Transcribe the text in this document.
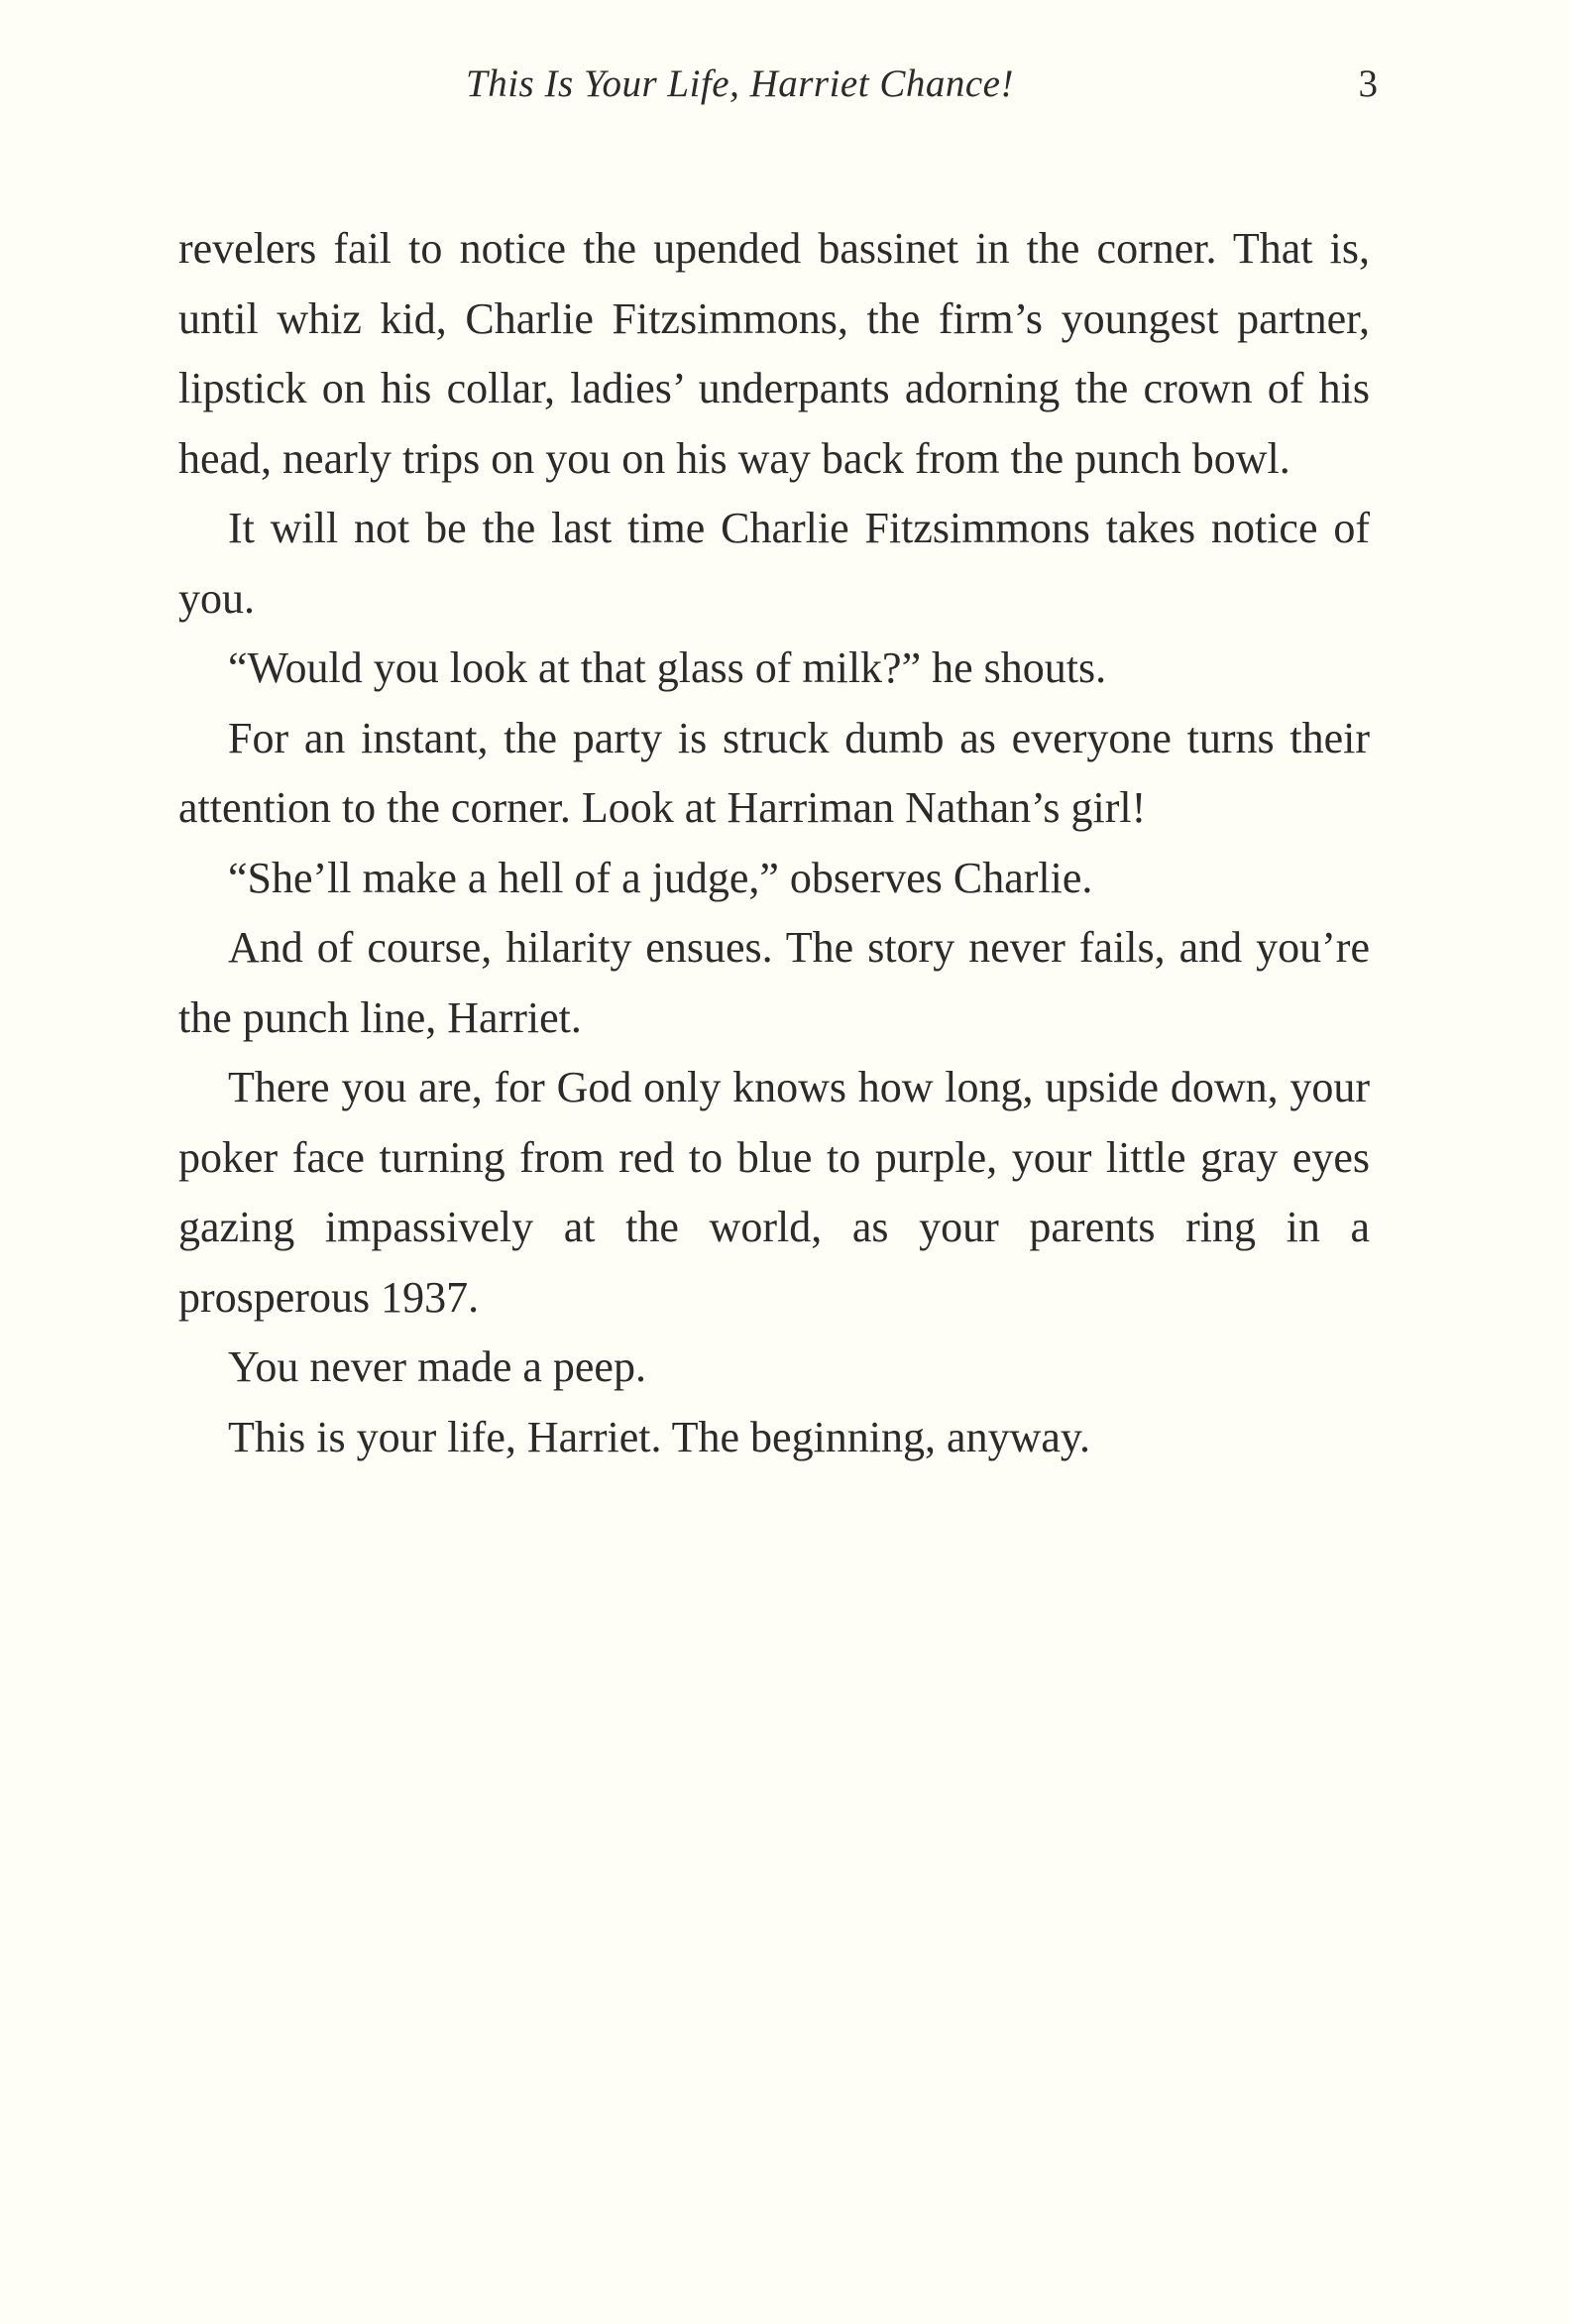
This Is Your Life, Harriet Chance!	3

revelers fail to notice the upended bassinet in the corner. That is, until whiz kid, Charlie Fitzsimmons, the firm’s youngest partner, lipstick on his collar, ladies’ underpants adorning the crown of his head, nearly trips on you on his way back from the punch bowl.

It will not be the last time Charlie Fitzsimmons takes notice of you.

“Would you look at that glass of milk?” he shouts.

For an instant, the party is struck dumb as everyone turns their attention to the corner. Look at Harriman Nathan’s girl!

“She’ll make a hell of a judge,” observes Charlie.

And of course, hilarity ensues. The story never fails, and you’re the punch line, Harriet.

There you are, for God only knows how long, upside down, your poker face turning from red to blue to purple, your little gray eyes gazing impassively at the world, as your parents ring in a prosperous 1937.

You never made a peep.

This is your life, Harriet. The beginning, anyway.
